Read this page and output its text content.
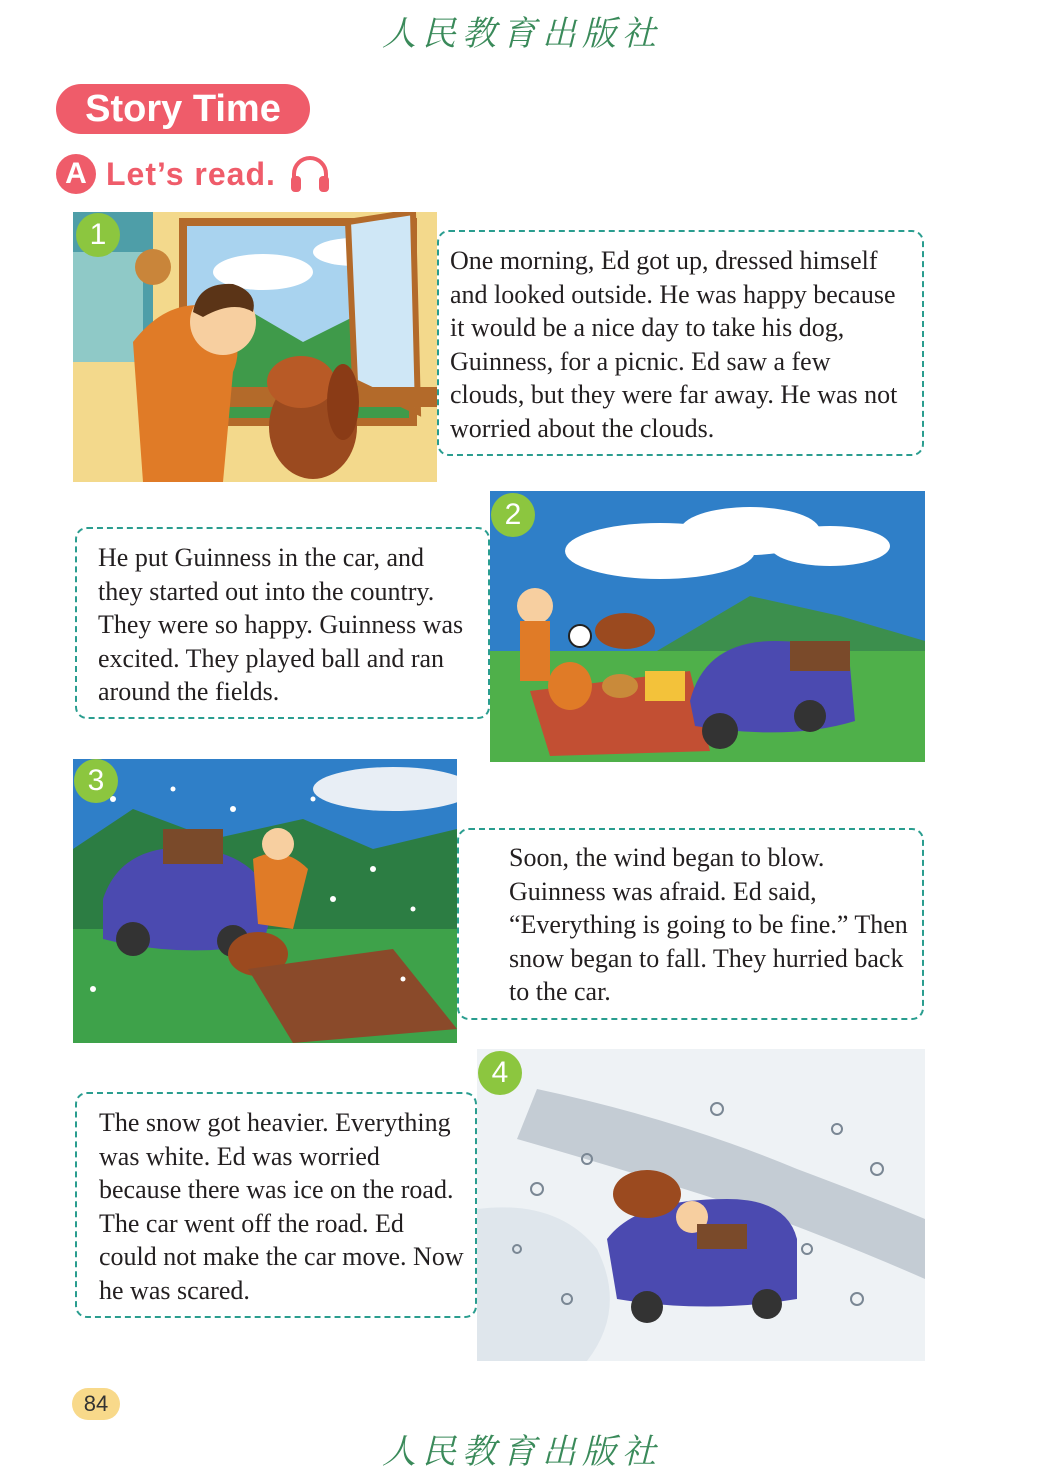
人民教育出版社
Story Time
A Let’s read.
1

One morning, Ed got up, dressed himself and looked outside. He was happy because it would be a nice day to take his dog, Guinness, for a picnic. Ed saw a few clouds, but they were far away. He was not worried about the clouds.

He put Guinness in the car, and they started out into the country. They were so happy. Guinness was excited. They played ball and ran around the fields.

2
3

Soon, the wind began to blow. Guinness was afraid. Ed said, “Everything is going to be fine.” Then snow began to fall. They hurried back to the car.

The snow got heavier. Everything was white. Ed was worried because there was ice on the road. The car went off the road. Ed could not make the car move. Now he was scared.

4
84
人民教育出版社
